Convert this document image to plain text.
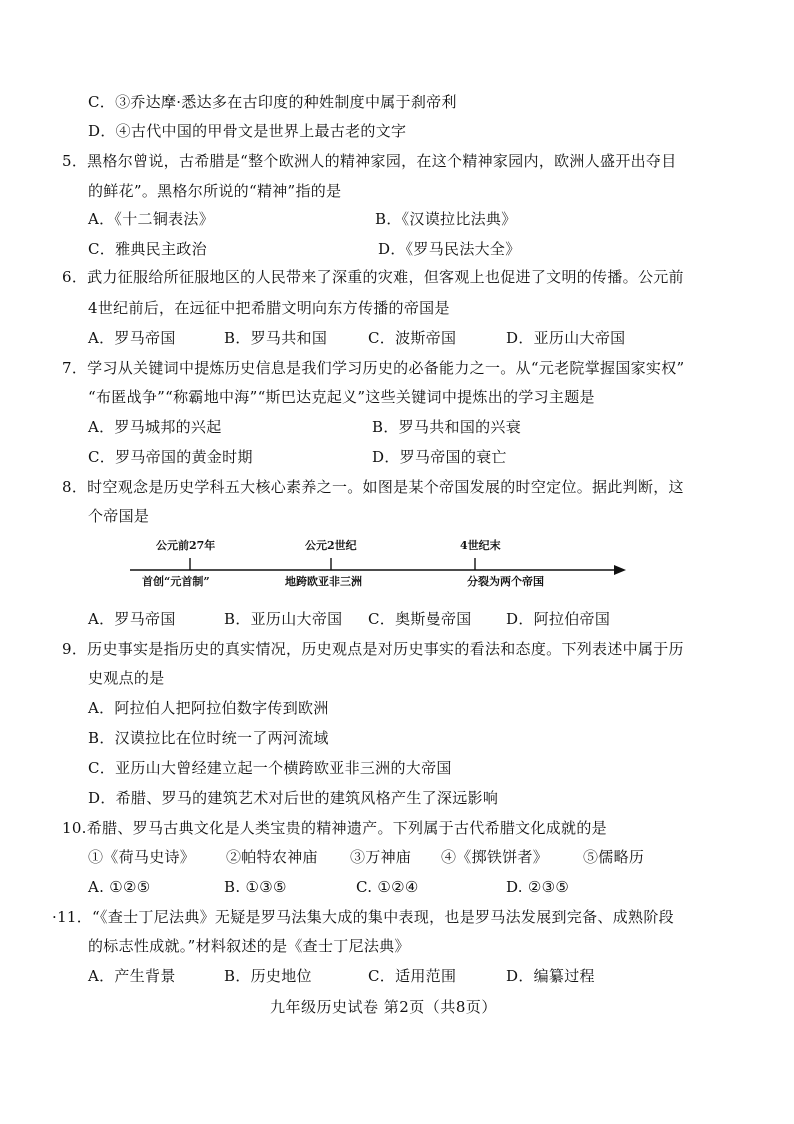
C．③乔达摩·悉达多在古印度的种姓制度中属于刹帝利
D．④古代中国的甲骨文是世界上最古老的文字
5．黑格尔曾说，古希腊是“整个欧洲人的精神家园，在这个精神家园内，欧洲人盛开出夺目
的鲜花”。黑格尔所说的“精神”指的是
A．《十二铜表法》	B．《汉谟拉比法典》
C．雅典民主政治	D．《罗马民法大全》
6．武力征服给所征服地区的人民带来了深重的灾难，但客观上也促进了文明的传播。公元前
4世纪前后，在远征中把希腊文明向东方传播的帝国是
A．罗马帝国	B．罗马共和国	C．波斯帝国	D．亚历山大帝国
7．学习从关键词中提炼历史信息是我们学习历史的必备能力之一。从“元老院掌握国家实权”
“布匿战争”“称霸地中海”“斯巴达克起义”这些关键词中提炼出的学习主题是
A．罗马城邦的兴起	B．罗马共和国的兴衰
C．罗马帝国的黄金时期	D．罗马帝国的衰亡
8．时空观念是历史学科五大核心素养之一。如图是某个帝国发展的时空定位。据此判断，这
个帝国是
公元前27年	公元2世纪	4世纪末
首创“元首制”	地跨欧亚非三洲	分裂为两个帝国
A．罗马帝国	B．亚历山大帝国 C．奥斯曼帝国 D．阿拉伯帝国
9．历史事实是指历史的真实情况，历史观点是对历史事实的看法和态度。下列表述中属于历
史观点的是
A．阿拉伯人把阿拉伯数字传到欧洲
B．汉谟拉比在位时统一了两河流域
C．亚历山大曾经建立起一个横跨欧亚非三洲的大帝国
D．希腊、罗马的建筑艺术对后世的建筑风格产生了深远影响
10.希腊、罗马古典文化是人类宝贵的精神遗产。下列属于古代希腊文化成就的是
①《荷马史诗》 ②帕特农神庙 ③万神庙 ④《掷铁饼者》 ⑤儒略历
A. ①②⑤	B. ①③⑤	C. ①②④	D. ②③⑤
·11．“《查士丁尼法典》无疑是罗马法集大成的集中表现，也是罗马法发展到完备、成熟阶段
的标志性成就。”材料叙述的是《查士丁尼法典》
A．产生背景	B．历史地位	C．适用范围	D．编纂过程
九年级历史试卷 第2页（共8页）
